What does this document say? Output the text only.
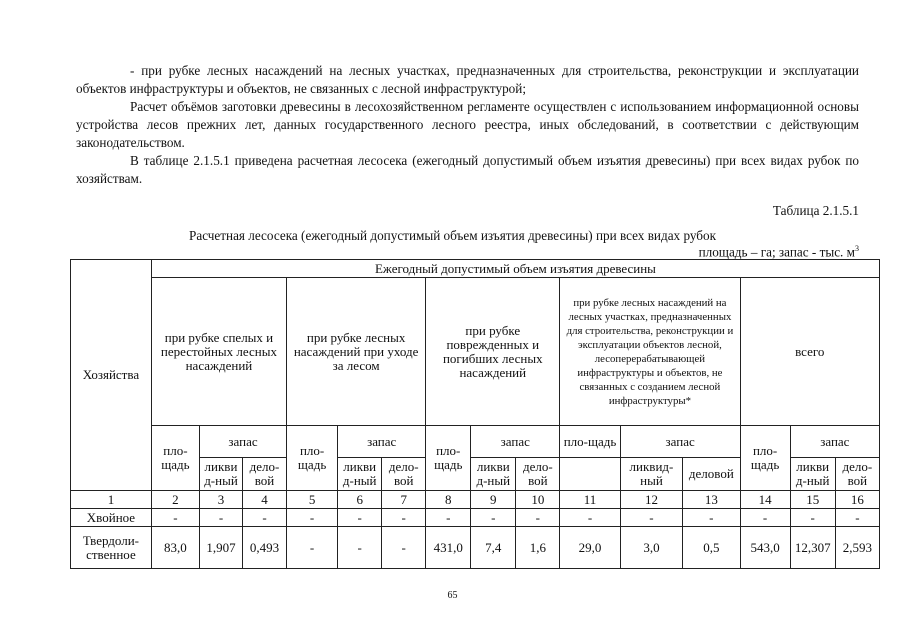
- при рубке лесных насаждений на лесных участках, предназначенных для строительства, реконструкции и эксплуатации объектов инфраструктуры и объектов, не связанных с лесной инфраструктурой;

Расчет объёмов заготовки древесины в лесохозяйственном регламенте осуществлен с использованием информационной основы устройства лесов прежних лет, данных государственного лесного реестра, иных обследований, в соответствии с действующим законодательством.

В таблице 2.1.5.1 приведена расчетная лесосека (ежегодный допустимый объем изъятия древесины) при всех видах рубок по хозяйствам.

Таблица 2.1.5.1
Расчетная лесосека (ежегодный допустимый объем изъятия древесины) при всех видах рубок
площадь – га; запас - тыс. $м^3$
Хозяйства	Ежегодный допустимый объем изъятия древесины														
	при рубке спелых и перестойных лесных насаждений			при рубке лесных насаждений при уходе за лесом			при рубке поврежденных и погибших лесных насаждений			при рубке лесных насаждений на лесных участках, предназначенных для строительства, реконструкции и эксплуатации объектов лесной, лесоперерабатывающей инфраструктуры и объектов, не связанных с созданием лесной инфраструктуры*			всего		
	пло-щадь	запас		пло-щадь	запас		пло-щадь	запас		пло-щадь	запас		пло-щадь	запас	
		ликви д-ный	дело-вой		ликви д-ный	дело-вой		ликви д-ный	дело-вой		ликвид-ный	деловой		ликви д-ный	дело-вой
1	2	3	4	5	6	7	8	9	10	11	12	13	14	15	16
Хвойное	-	-	-	-	-	-	-	-	-	-	-	-	-	-	-
Твердоли-ственное	83,0	1,907	0,493	-	-	-	431,0	7,4	1,6	29,0	3,0	0,5	543,0	12,307	2,593
65
